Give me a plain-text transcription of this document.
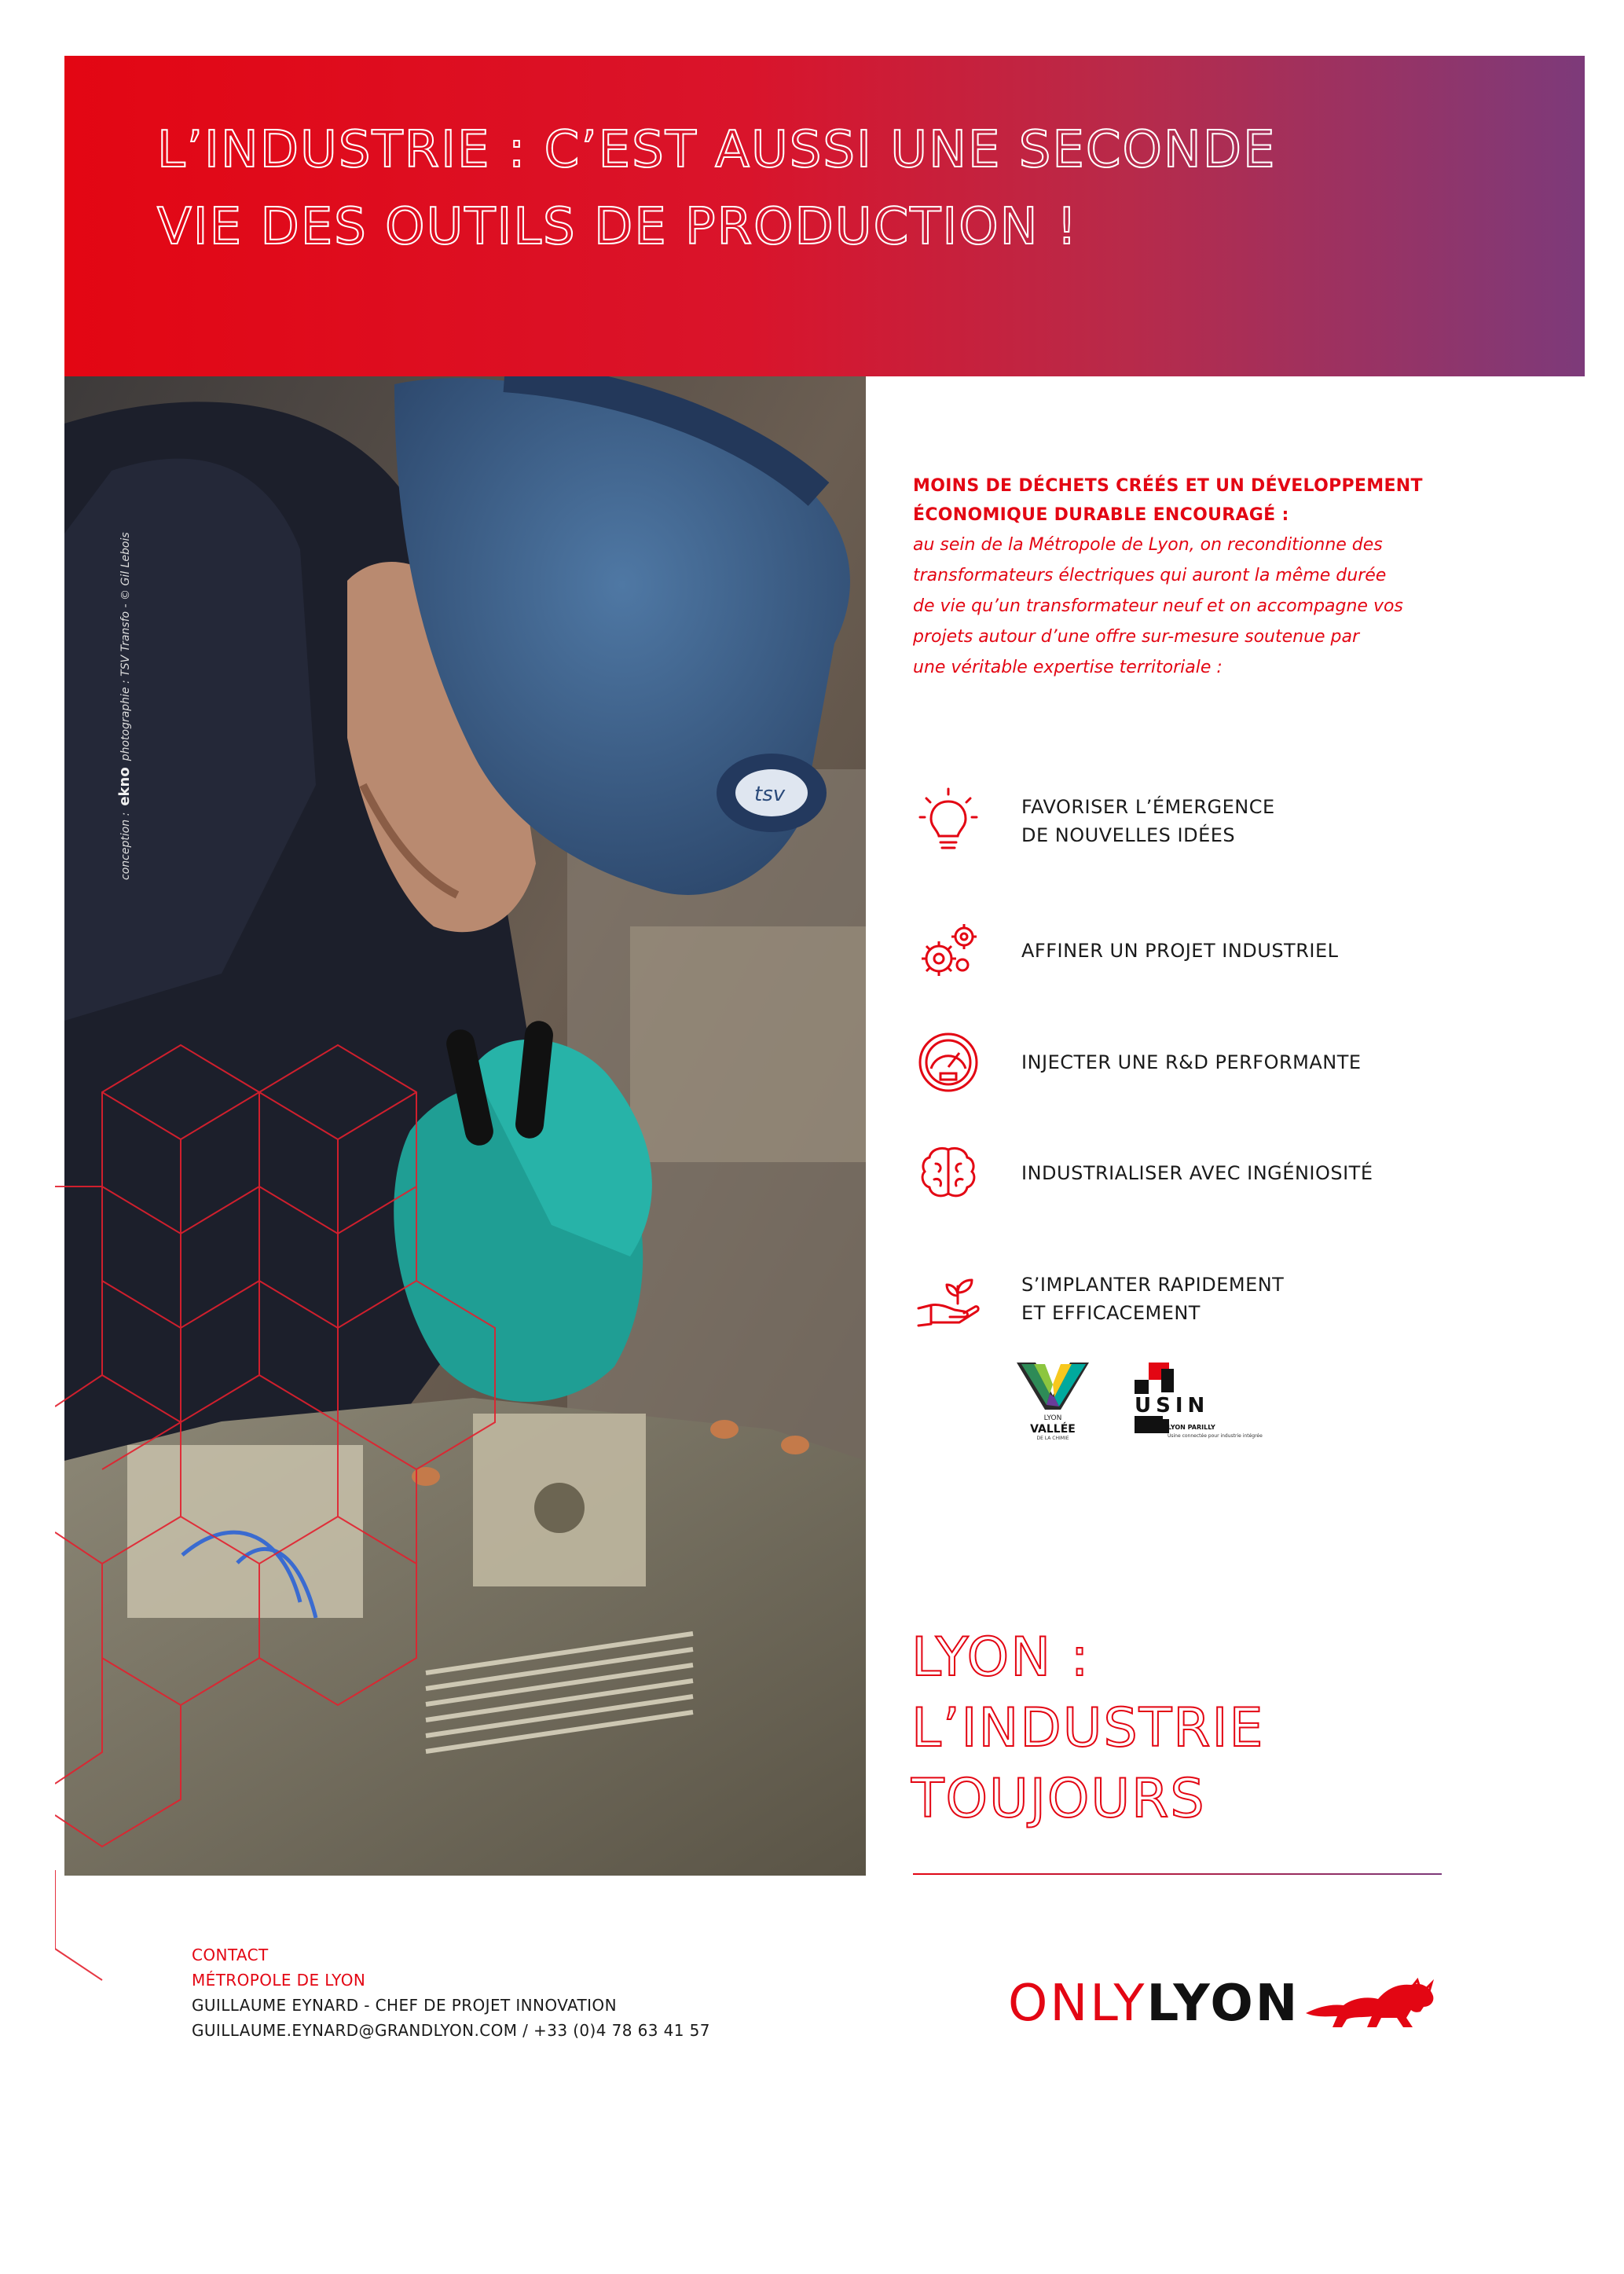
L’INDUSTRIE : C’EST AUSSI UNE SECONDE
VIE DES OUTILS DE PRODUCTION !
tsv
conception :eknophotographie : TSV Transfo - © Gil Lebois

MOINS DE DÉCHETS CRÉÉS ET UN DÉVELOPPEMENT
ÉCONOMIQUE DURABLE ENCOURAGÉ :

au sein de la Métropole de Lyon, on reconditionne des
transformateurs électriques qui auront la même durée
de vie qu’un transformateur neuf et on accompagne vos
projets autour d’une offre sur-mesure soutenue par
une véritable expertise territoriale :

FAVORISER L’ÉMERGENCE
DE NOUVELLES IDÉES
AFFINER UN PROJET INDUSTRIEL
INJECTER UNE R&D PERFORMANTE
INDUSTRIALISER AVEC INGÉNIOSITÉ
S’IMPLANTER RAPIDEMENT
ET EFFICACEMENT
LYON
VALLÉE
DE LA CHIMIE
USIN
LYON PARILLY
Usine connectée pour industrie intégrée
LYON :
L’INDUSTRIE
TOUJOURS
CONTACT
MÉTROPOLE DE LYON
GUILLAUME EYNARD - CHEF DE PROJET INNOVATION
GUILLAUME.EYNARD@GRANDLYON.COM / +33 (0)4 78 63 41 57	ONLY LYON
